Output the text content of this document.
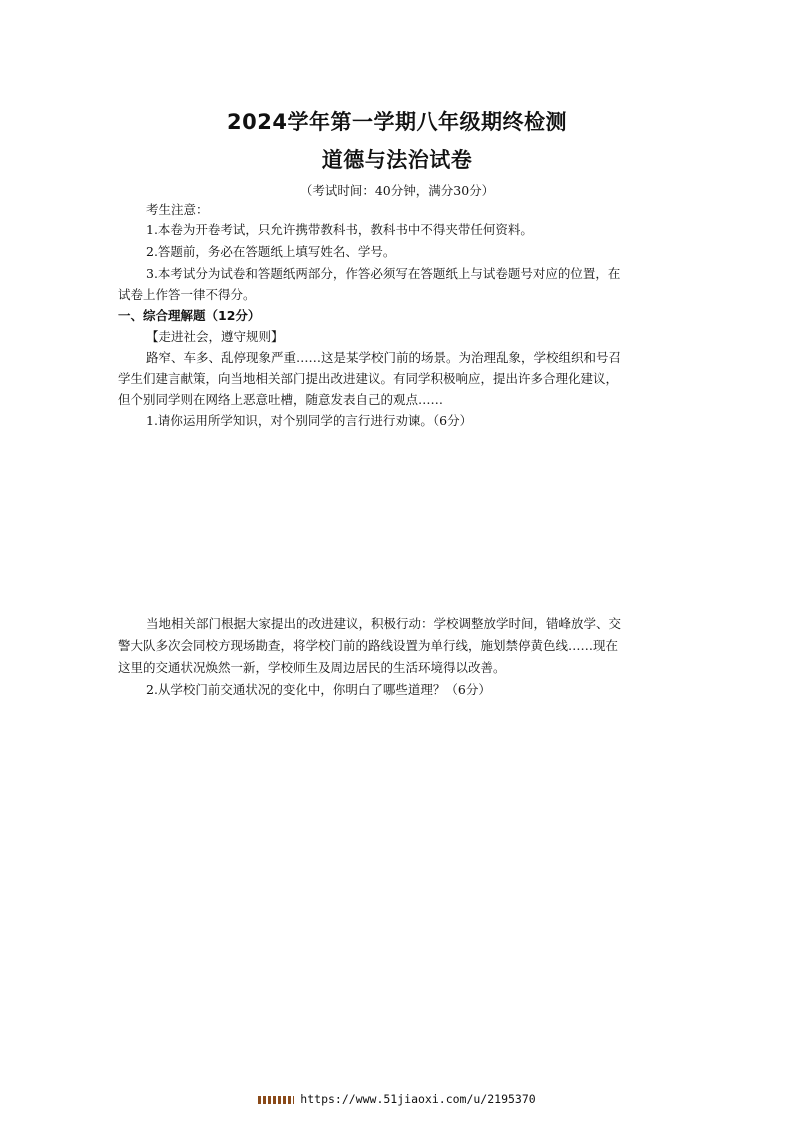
2024学年第一学期八年级期终检测
道德与法治试卷
（考试时间：40分钟，满分30分）
考生注意：
1.本卷为开卷考试，只允许携带教科书，教科书中不得夹带任何资料。
2.答题前，务必在答题纸上填写姓名、学号。
3.本考试分为试卷和答题纸两部分，作答必须写在答题纸上与试卷题号对应的位置，在
试卷上作答一律不得分。
一、综合理解题（12分）
【走进社会，遵守规则】
路窄、车多、乱停现象严重……这是某学校门前的场景。为治理乱象，学校组织和号召
学生们建言献策，向当地相关部门提出改进建议。有同学积极响应，提出许多合理化建议，
但个别同学则在网络上恶意吐槽，随意发表自己的观点……
1.请你运用所学知识，对个别同学的言行进行劝谏。（6分）
当地相关部门根据大家提出的改进建议，积极行动：学校调整放学时间，错峰放学、交
警大队多次会同校方现场勘查，将学校门前的路线设置为单行线，施划禁停黄色线……现在
这里的交通状况焕然一新，学校师生及周边居民的生活环境得以改善。
2.从学校门前交通状况的变化中，你明白了哪些道理？（6分）
https://www.51jiaoxi.com/u/2195370
